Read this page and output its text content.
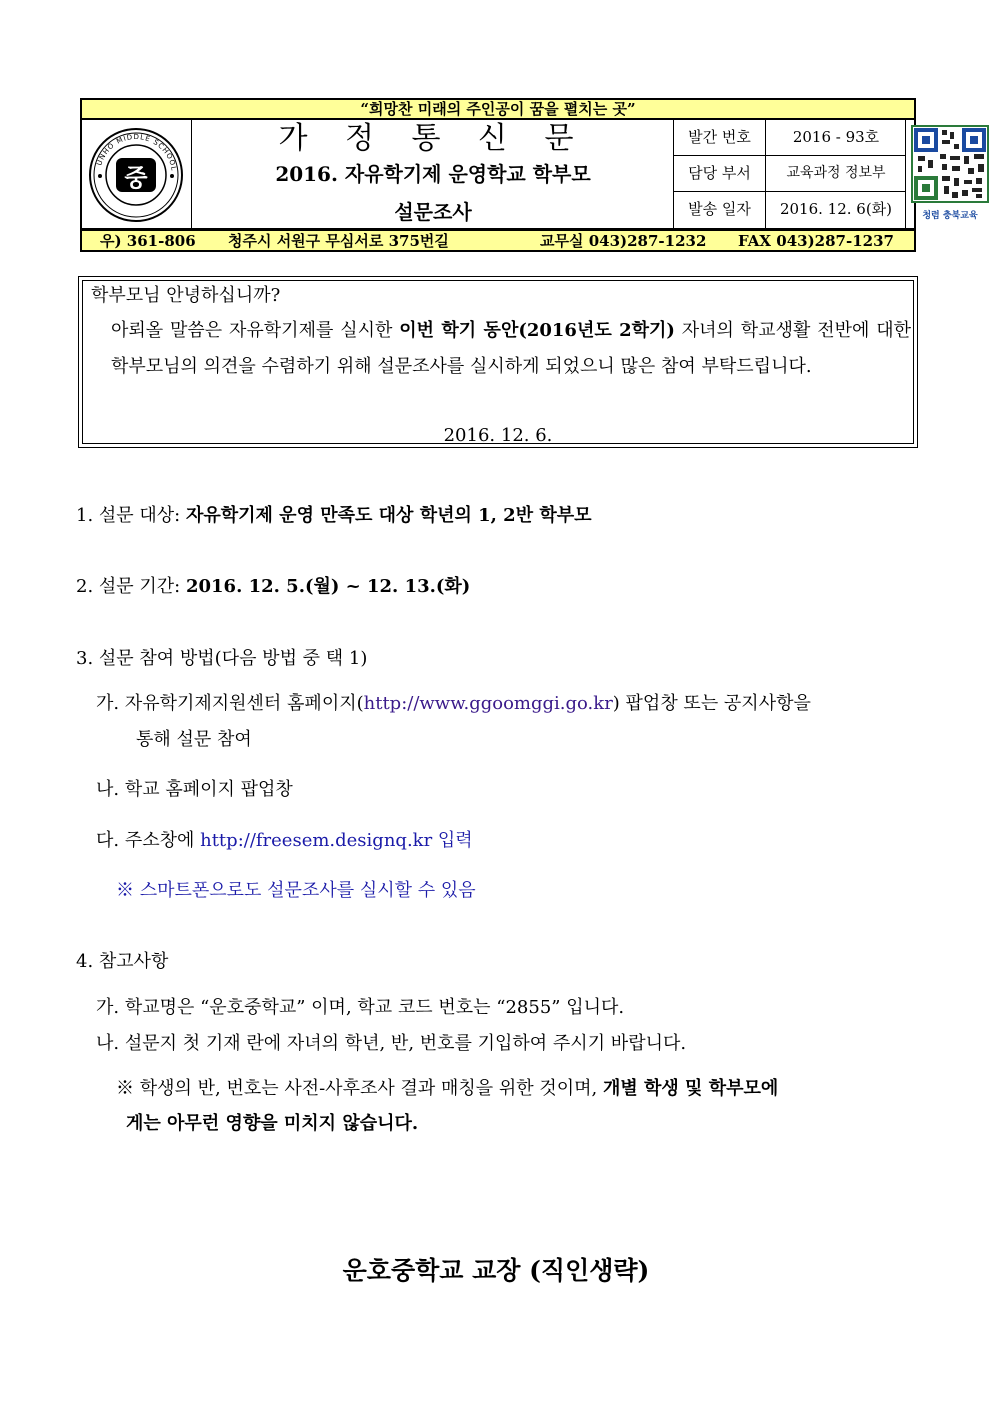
“희망찬 미래의 주인공이 꿈을 펼치는 곳”
UNHO MIDDLE SCHOOL
중
가 정 통 신 문
2016. 자유학기제 운영학교 학부모
설문조사
발간 번호	2016 - 93호
담당 부서	교육과정 정보부
발송 일자	2016. 12. 6(화)	청렴 충북교육
우) 361-806 청주시 서원구 무심서로 375번길	교무실 043)287-1232 FAX 043)287-1237
학부모님 안녕하십니까?
아뢰올 말씀은 자유학기제를 실시한 이번 학기 동안(2016년도 2학기) 자녀의 학교생활 전반에 대한 학부모님의 의견을 수렴하기 위해 설문조사를 실시하게 되었으니 많은 참여 부탁드립니다.
2016. 12. 6.
1. 설문 대상: 자유학기제 운영 만족도 대상 학년의 1, 2반 학부모
2. 설문 기간: 2016. 12. 5.(월) ~ 12. 13.(화)
3. 설문 참여 방법(다음 방법 중 택 1)
가. 자유학기제지원센터 홈페이지(http://www.ggoomggi.go.kr) 팝업창 또는 공지사항을
통해 설문 참여
나. 학교 홈페이지 팝업창
다. 주소창에 http://freesem.designq.kr 입력
※ 스마트폰으로도 설문조사를 실시할 수 있음
4. 참고사항
가. 학교명은 “운호중학교” 이며, 학교 코드 번호는 “2855” 입니다.
나. 설문지 첫 기재 란에 자녀의 학년, 반, 번호를 기입하여 주시기 바랍니다.
※ 학생의 반, 번호는 사전-사후조사 결과 매칭을 위한 것이며, 개별 학생 및 학부모에
게는 아무런 영향을 미치지 않습니다.
운호중학교 교장 (직인생략)
